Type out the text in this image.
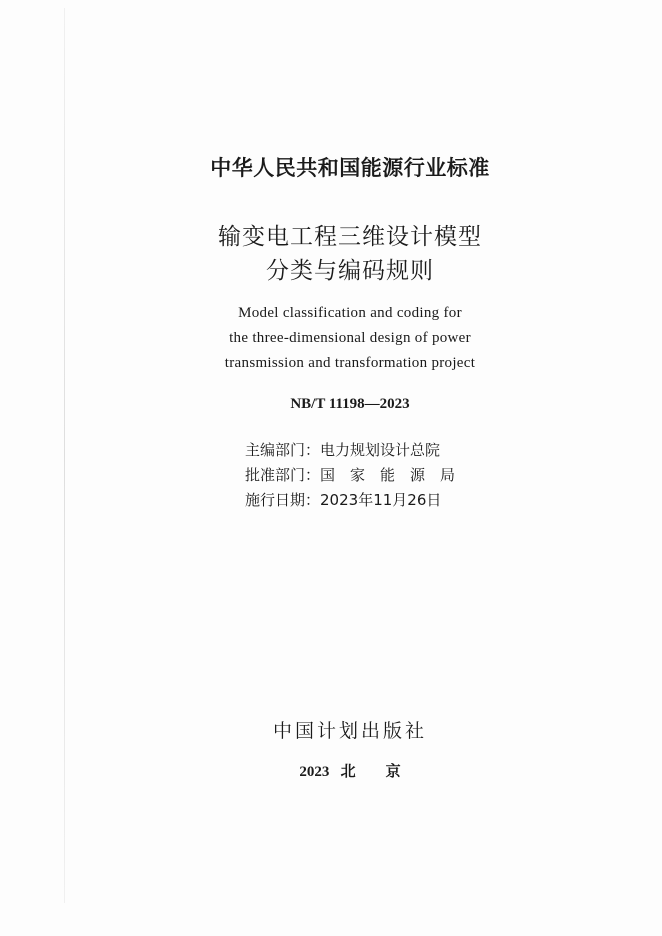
中华人民共和国能源行业标准
输变电工程三维设计模型
分类与编码规则
Model classification and coding for
the three-dimensional design of power
transmission and transformation project
NB/T 11198—2023
主编部门：电力规划设计总院
批准部门：国　家　能　源　局
施行日期：2023年11月26日
中国计划出版社
2023 北　　京
